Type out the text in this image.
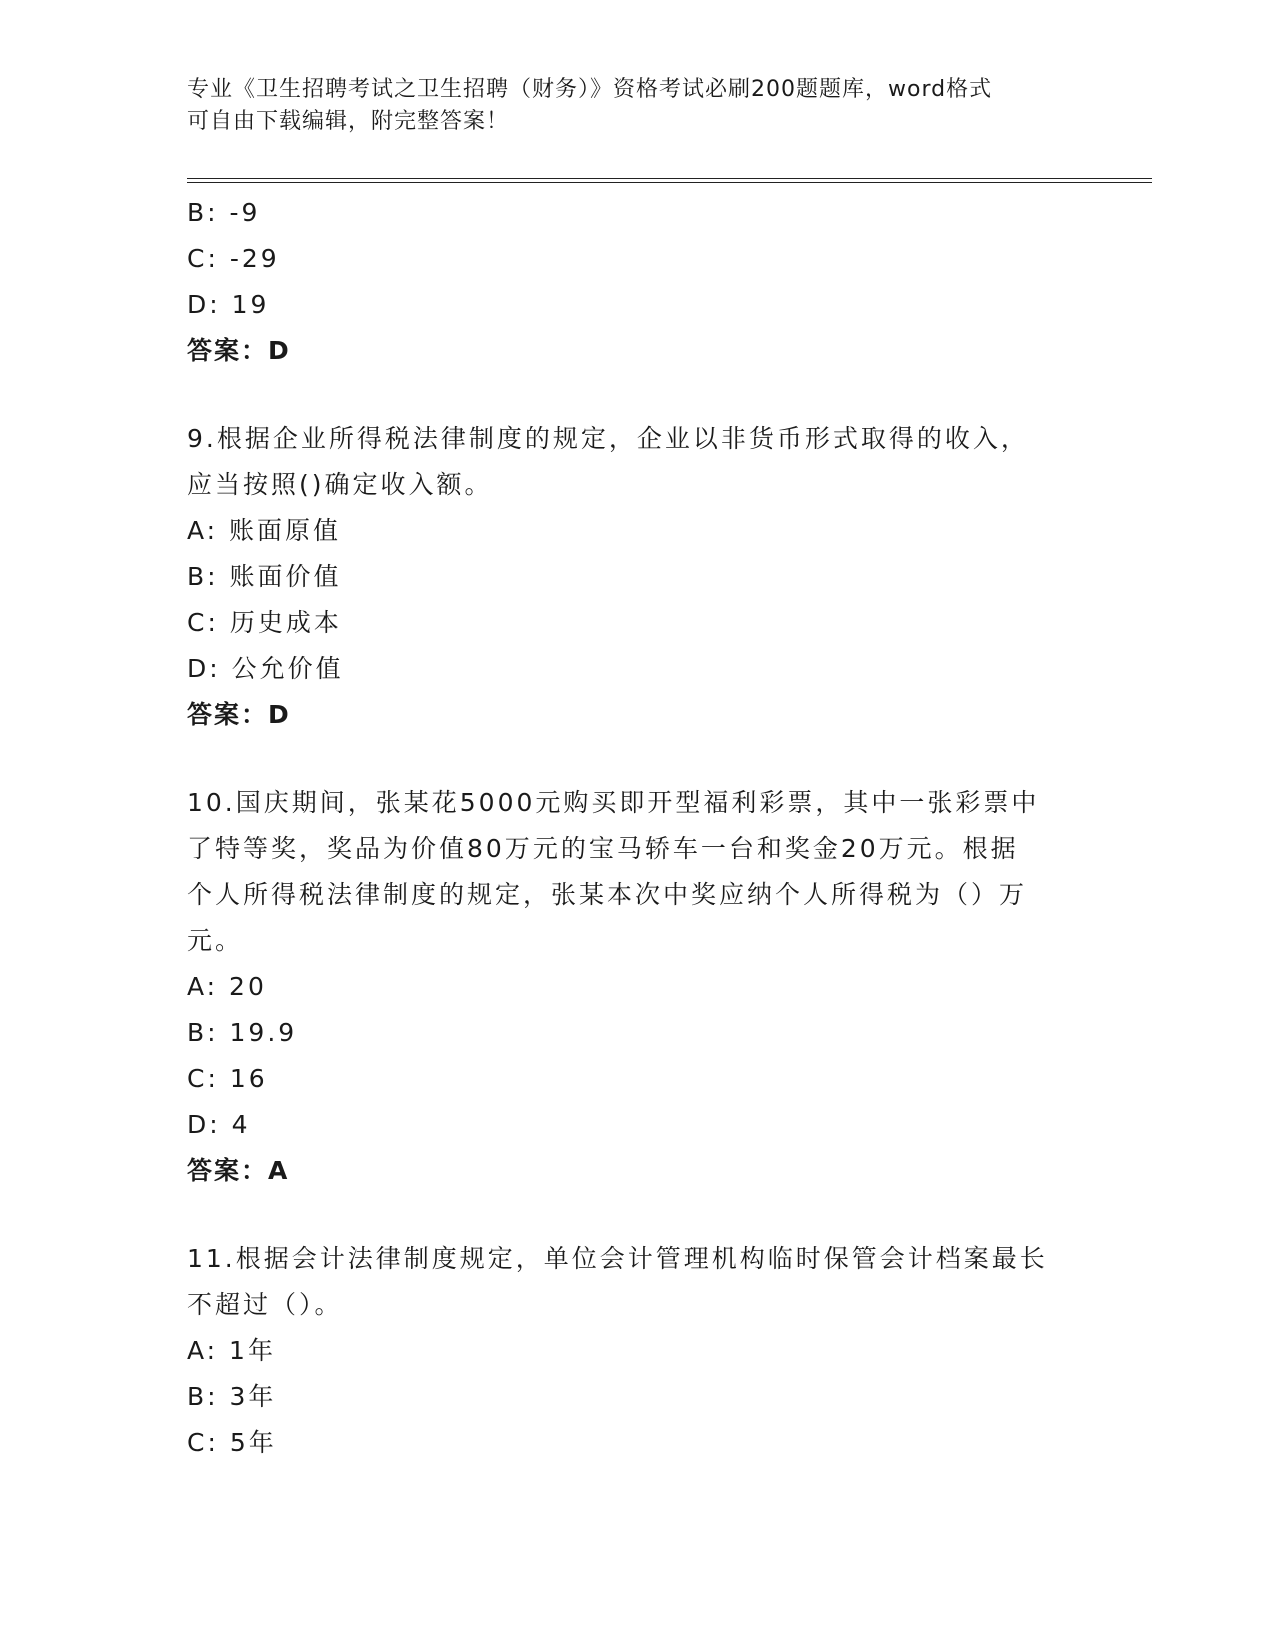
专业《卫生招聘考试之卫生招聘（财务）》资格考试必刷200题题库，word格式
可自由下载编辑，附完整答案！
B: -9
C: -29
D: 19
答案：D
9.根据企业所得税法律制度的规定，企业以非货币形式取得的收入，
应当按照()确定收入额。
A: 账面原值
B: 账面价值
C: 历史成本
D: 公允价值
答案：D
10.国庆期间，张某花5000元购买即开型福利彩票，其中一张彩票中
了特等奖，奖品为价值80万元的宝马轿车一台和奖金20万元。根据
个人所得税法律制度的规定，张某本次中奖应纳个人所得税为（）万
元。
A: 20
B: 19.9
C: 16
D: 4
答案：A
11.根据会计法律制度规定，单位会计管理机构临时保管会计档案最长
不超过（）。
A: 1年
B: 3年
C: 5年
